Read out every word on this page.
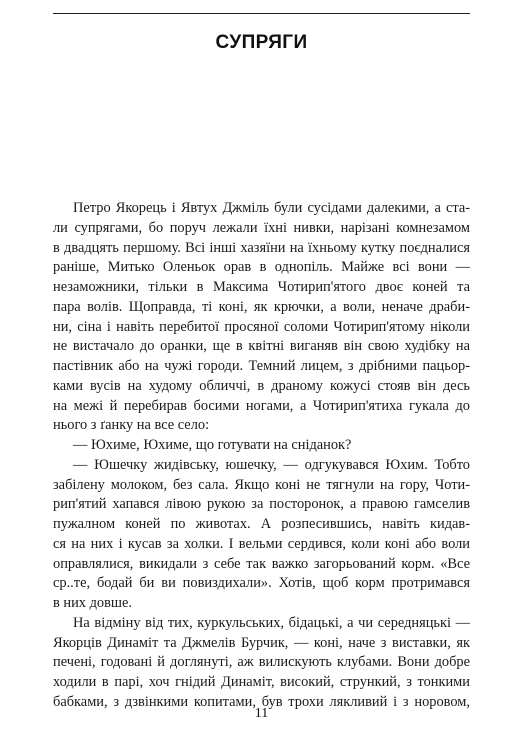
СУПРЯГИ
Петро Якорець і Явтух Джміль були сусідами далекими, а ста-
ли супрягами, бо поруч лежали їхні нивки, нарізані комнезамом
в двадцять першому. Всі інші хазяїни на їхньому кутку поєдналися
раніше, Митько Оленьок орав в однопіль. Майже всі вони —
незаможники, тільки в Максима Чотирип'ятого двоє коней та
пара волів. Щоправда, ті коні, як крючки, а воли, неначе драби-
ни, сіна і навіть перебитої просяної соломи Чотирип'ятому ніколи
не вистачало до оранки, ще в квітні виганяв він свою худібку на
пастівник або на чужі городи. Темний лицем, з дрібними пацьор-
ками вусів на худому обличчі, в драному кожусі стояв він десь
на межі й перебирав босими ногами, а Чотирип'ятиха гукала до
нього з ґанку на все село:
— Юхиме, Юхиме, що готувати на сніданок?
— Юшечку жидівську, юшечку, — одгукувався Юхим. Тобто
забілену молоком, без сала. Якщо коні не тягнули на гору, Чоти-
рип'ятий хапався лівою рукою за посторонок, а правою гамселив
пужалном коней по животах. А розпесившись, навіть кидав-
ся на них і кусав за холки. І вельми сердився, коли коні або воли
оправлялися, викидали з себе так важко загорьований корм. «Все
ср..те, бодай би ви повиздихали». Хотів, щоб корм протримався
в них довше.
На відміну від тих, куркульських, бідацькі, а чи середняцькі —
Якорців Динаміт та Джмелів Бурчик, — коні, наче з виставки, як
печені, годовані й доглянуті, аж вилискують клубами. Вони добре
ходили в парі, хоч гнідий Динаміт, високий, стрункий, з тонкими
бабками, з дзвінкими копитами, був трохи лякливий і з норовом,
11
